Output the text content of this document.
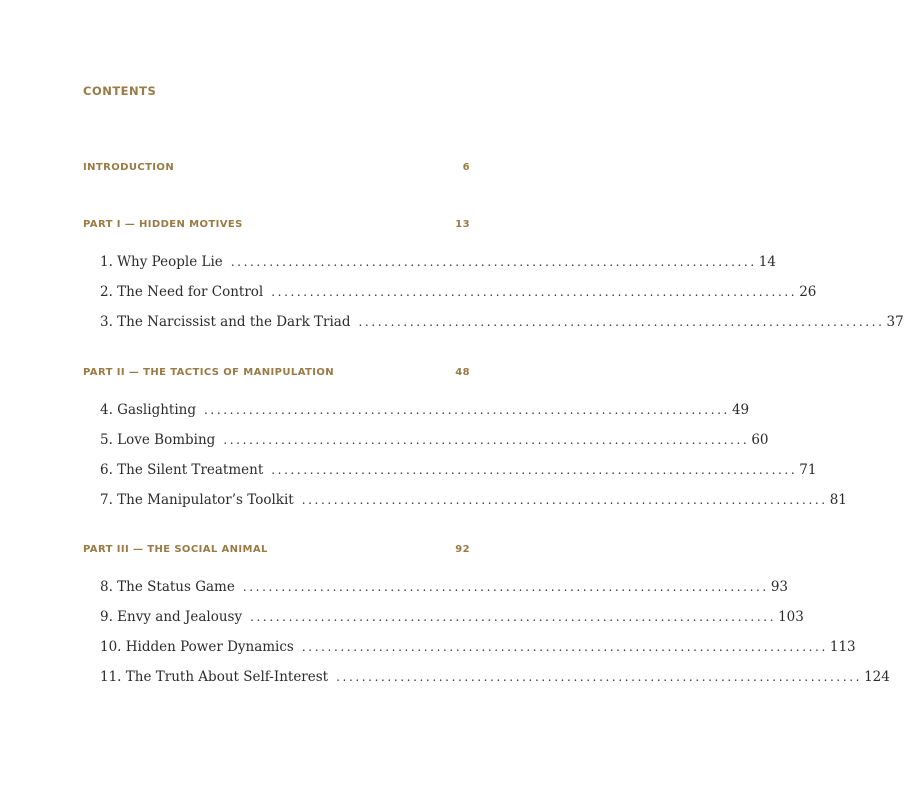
CONTENTS
INTRODUCTION	6
PART I — HIDDEN MOTIVES	13
1. Why People Lie .................................................................................. 14
2. The Need for Control .................................................................................. 26
3. The Narcissist and the Dark Triad .................................................................................. 37
PART II — THE TACTICS OF MANIPULATION	48
4. Gaslighting .................................................................................. 49
5. Love Bombing .................................................................................. 60
6. The Silent Treatment .................................................................................. 71
7. The Manipulator’s Toolkit .................................................................................. 81
PART III — THE SOCIAL ANIMAL	92
8. The Status Game .................................................................................. 93
9. Envy and Jealousy .................................................................................. 103
10. Hidden Power Dynamics .................................................................................. 113
11. The Truth About Self-Interest .................................................................................. 124
